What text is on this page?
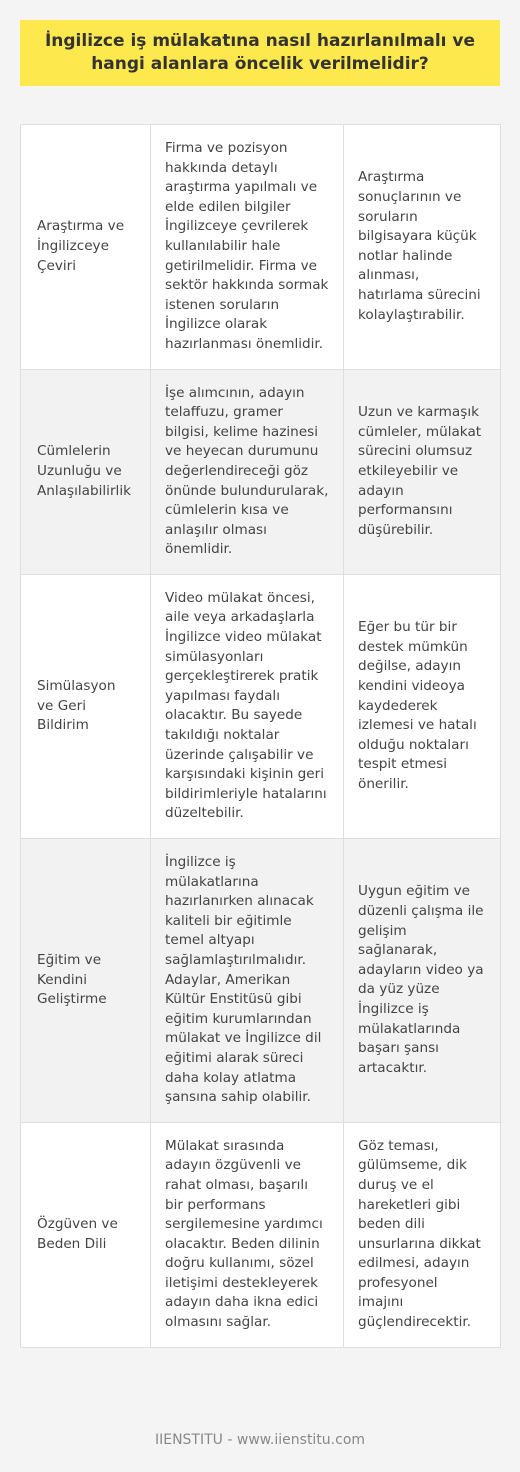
İngilizce iş mülakatına nasıl hazırlanılmalı ve hangi alanlara öncelik verilmelidir?
Araştırma ve İngilizceye Çeviri	Firma ve pozisyon hakkında detaylı araştırma yapılmalı ve elde edilen bilgiler İngilizceye çevrilerek kullanılabilir hale getirilmelidir. Firma ve sektör hakkında sormak istenen soruların İngilizce olarak hazırlanması önemlidir.	Araştırma sonuçlarının ve soruların bilgisayara küçük notlar halinde alınması, hatırlama sürecini kolaylaştırabilir.
Cümlelerin Uzunluğu ve Anlaşılabilirlik	İşe alımcının, adayın telaffuzu, gramer bilgisi, kelime hazinesi ve heyecan durumunu değerlendireceği göz önünde bulundurularak, cümlelerin kısa ve anlaşılır olması önemlidir.	Uzun ve karmaşık cümleler, mülakat sürecini olumsuz etkileyebilir ve adayın performansını düşürebilir.
Simülasyon ve Geri Bildirim	Video mülakat öncesi, aile veya arkadaşlarla İngilizce video mülakat simülasyonları gerçekleştirerek pratik yapılması faydalı olacaktır. Bu sayede takıldığı noktalar üzerinde çalışabilir ve karşısındaki kişinin geri bildirimleriyle hatalarını düzeltebilir.	Eğer bu tür bir destek mümkün değilse, adayın kendini videoya kaydederek izlemesi ve hatalı olduğu noktaları tespit etmesi önerilir.
Eğitim ve Kendini Geliştirme	İngilizce iş mülakatlarına hazırlanırken alınacak kaliteli bir eğitimle temel altyapı sağlamlaştırılmalıdır. Adaylar, Amerikan Kültür Enstitüsü gibi eğitim kurumlarından mülakat ve İngilizce dil eğitimi alarak süreci daha kolay atlatma şansına sahip olabilir.	Uygun eğitim ve düzenli çalışma ile gelişim sağlanarak, adayların video ya da yüz yüze İngilizce iş mülakatlarında başarı şansı artacaktır.
Özgüven ve Beden Dili	Mülakat sırasında adayın özgüvenli ve rahat olması, başarılı bir performans sergilemesine yardımcı olacaktır. Beden dilinin doğru kullanımı, sözel iletişimi destekleyerek adayın daha ikna edici olmasını sağlar.	Göz teması, gülümseme, dik duruş ve el hareketleri gibi beden dili unsurlarına dikkat edilmesi, adayın profesyonel imajını güçlendirecektir.
IIENSTITU - www.iienstitu.com
